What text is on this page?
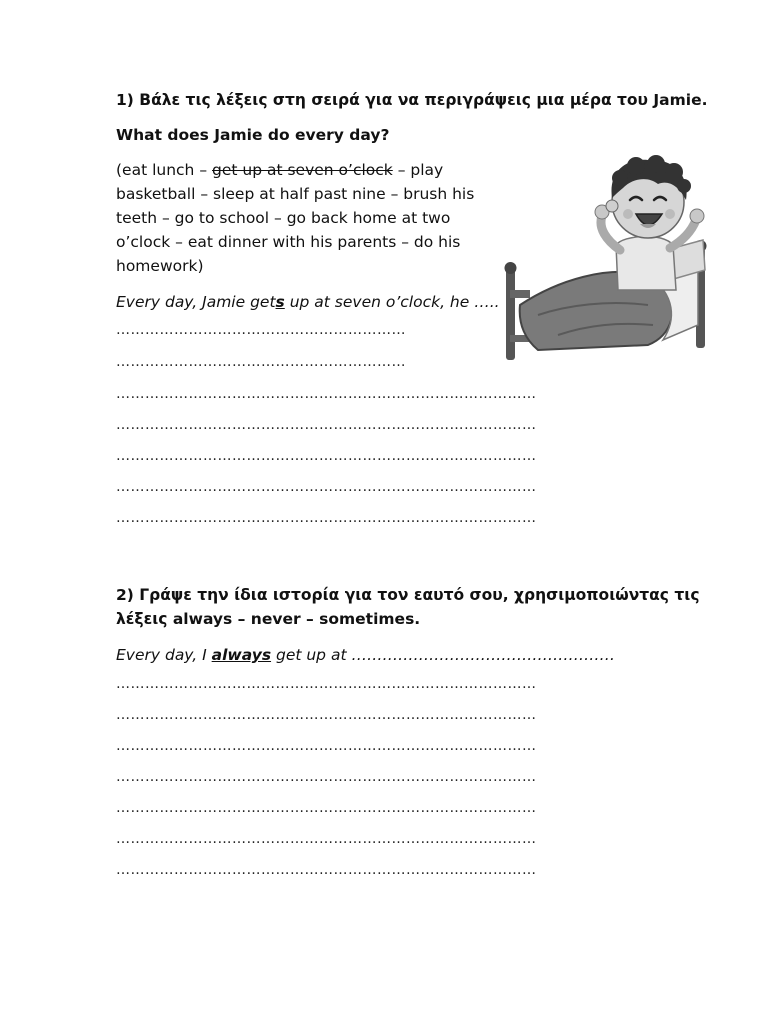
1) Βάλε τις λέξεις στη σειρά για να περιγράψεις μια μέρα του Jamie.
What does Jamie do every day?
(eat lunch – get up at seven o’clock – play
basketball – sleep at half past nine – brush his
teeth – go to school – go back home at two
o’clock – eat dinner with his parents – do his
homework)
Every day, Jamie gets up at seven o’clock, he …..
……………………………………………………
……………………………………………………
……………………………………………………………………………
……………………………………………………………………………
……………………………………………………………………………
……………………………………………………………………………
……………………………………………………………………………
2) Γράψε την ίδια ιστορία για τον εαυτό σου, χρησιμοποιώντας τις
λέξεις always – never – sometimes.
Every day, I always get up at ……………………………………………
……………………………………………………………………………
……………………………………………………………………………
……………………………………………………………………………
……………………………………………………………………………
……………………………………………………………………………
……………………………………………………………………………
……………………………………………………………………………
